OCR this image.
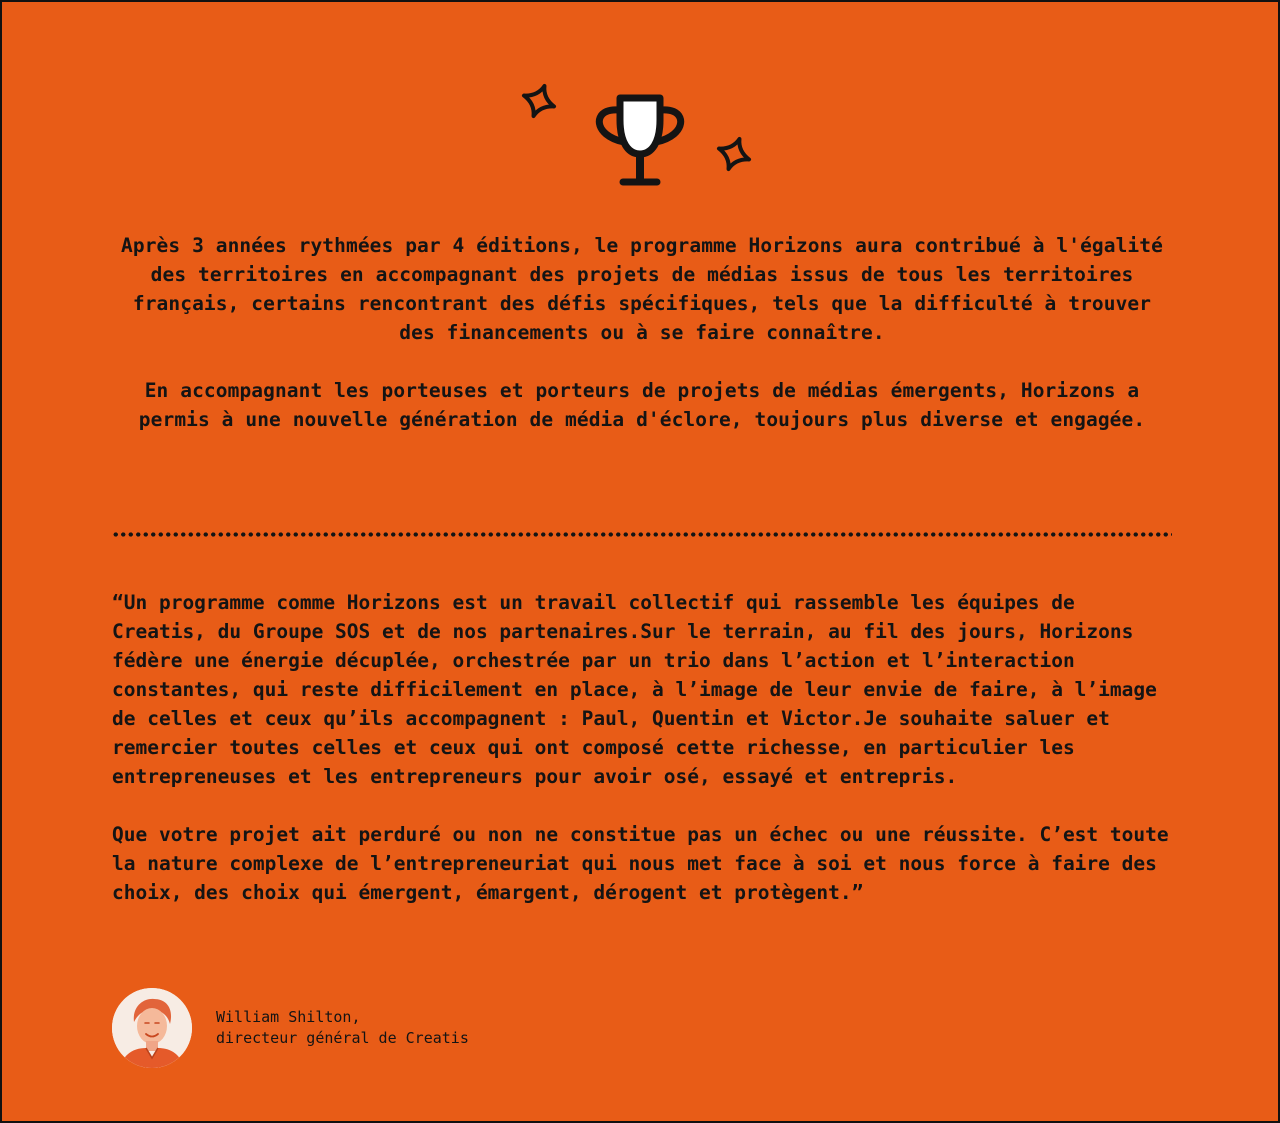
Après 3 années rythmées par 4 éditions, le programme Horizons aura contribué à l'égalité des territoires en accompagnant des projets de médias issus de tous les territoires français, certains rencontrant des défis spécifiques, tels que la difficulté à trouver des financements ou à se faire connaître.

En accompagnant les porteuses et porteurs de projets de médias émergents, Horizons a permis à une nouvelle génération de média d'éclore, toujours plus diverse et engagée.

“Un programme comme Horizons est un travail collectif qui rassemble les équipes de Creatis, du Groupe SOS et de nos partenaires.Sur le terrain, au fil des jours, Horizons fédère une énergie décuplée, orchestrée par un trio dans l’action et l’interaction constantes, qui reste difficilement en place, à l’image de leur envie de faire, à l’image de celles et ceux qu’ils accompagnent : Paul, Quentin et Victor.Je souhaite saluer et remercier toutes celles et ceux qui ont composé cette richesse, en particulier les entrepreneuses et les entrepreneurs pour avoir osé, essayé et entrepris.

Que votre projet ait perduré ou non ne constitue pas un échec ou une réussite. C’est toute la nature complexe de l’entrepreneuriat qui nous met face à soi et nous force à faire des choix, des choix qui émergent, émargent, dérogent et protègent.”

William Shilton,
directeur général de Creatis
